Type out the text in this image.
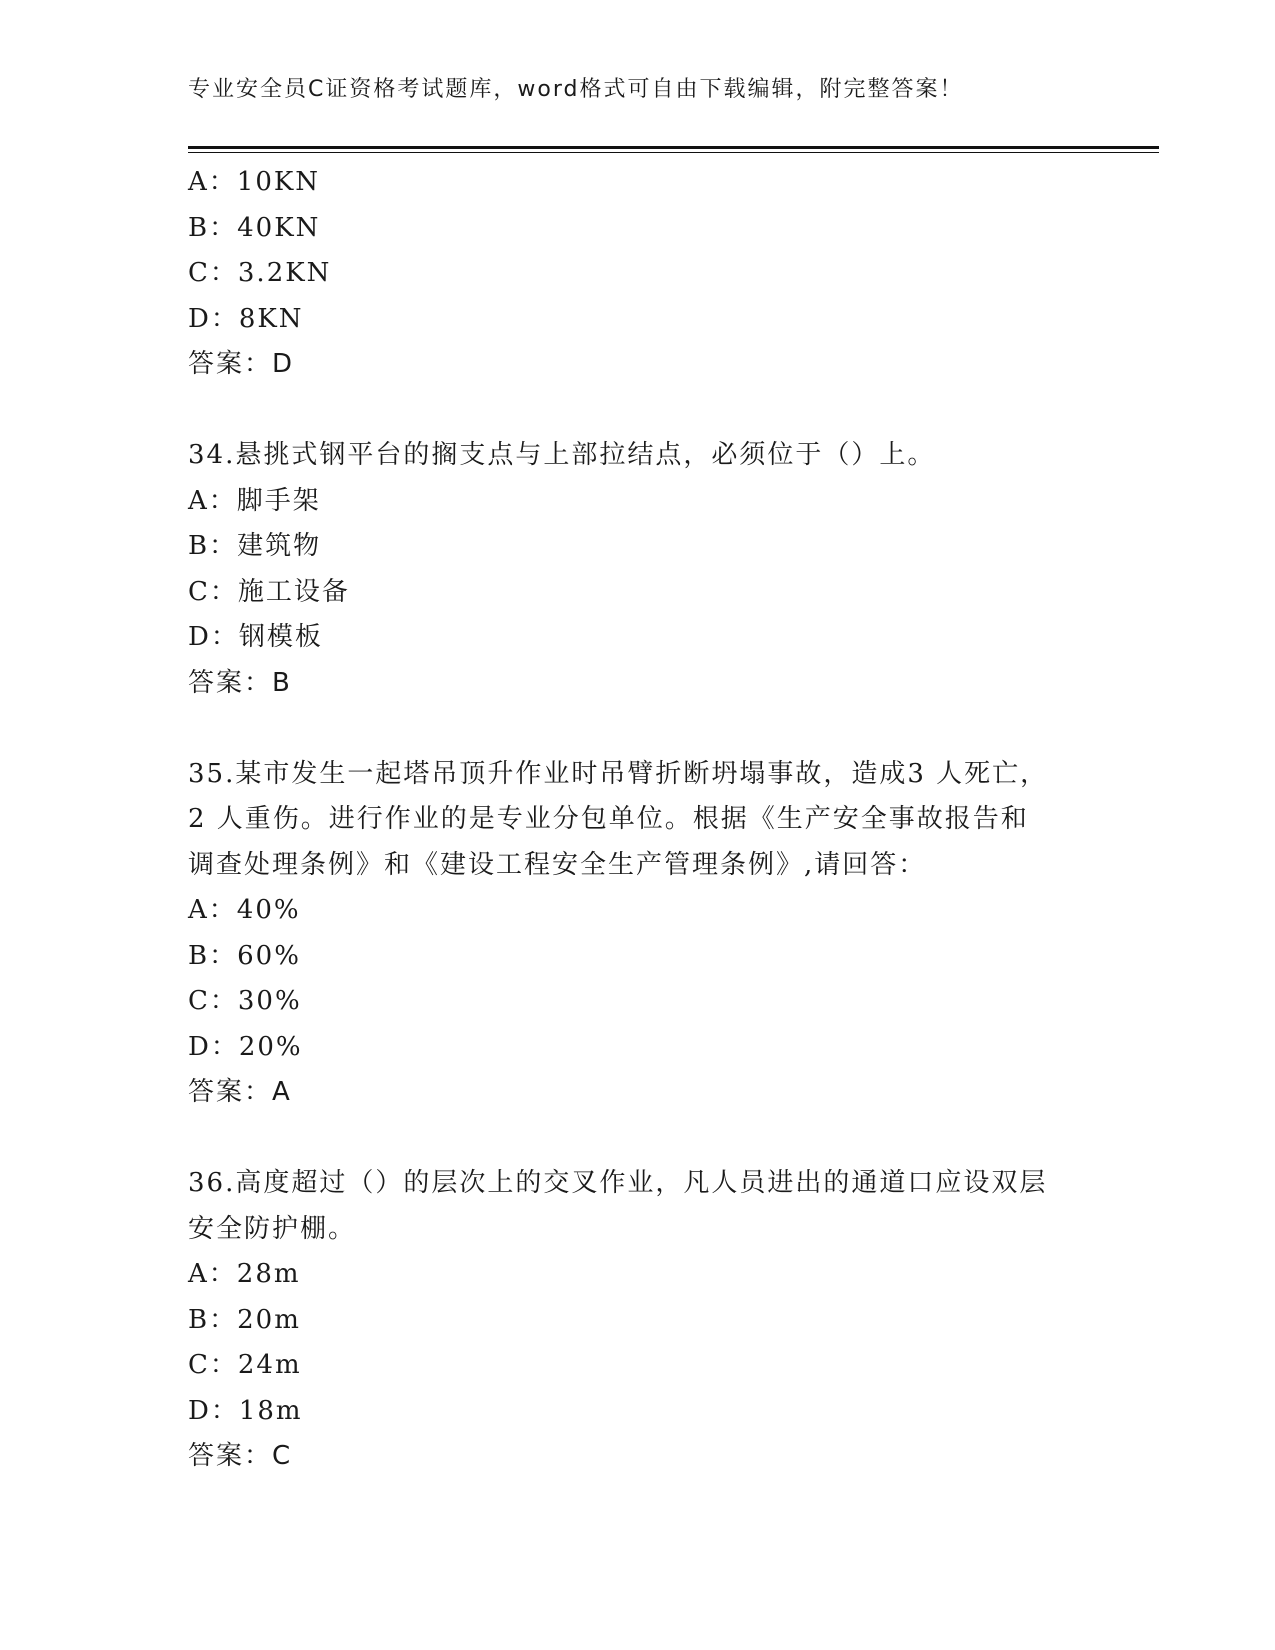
专业安全员C证资格考试题库，word格式可自由下载编辑，附完整答案！
A：10KN
B：40KN
C：3.2KN
D：8KN
答案：D
34.悬挑式钢平台的搁支点与上部拉结点，必须位于（）上。
A：脚手架
B：建筑物
C：施工设备
D：钢模板
答案：B
35.某市发生一起塔吊顶升作业时吊臂折断坍塌事故，造成3 人死亡，
2 人重伤。进行作业的是专业分包单位。根据《生产安全事故报告和
调查处理条例》和《建设工程安全生产管理条例》,请回答：
A：40%
B：60%
C：30%
D：20%
答案：A
36.高度超过（）的层次上的交叉作业，凡人员进出的通道口应设双层
安全防护棚。
A：28m
B：20m
C：24m
D：18m
答案：C
